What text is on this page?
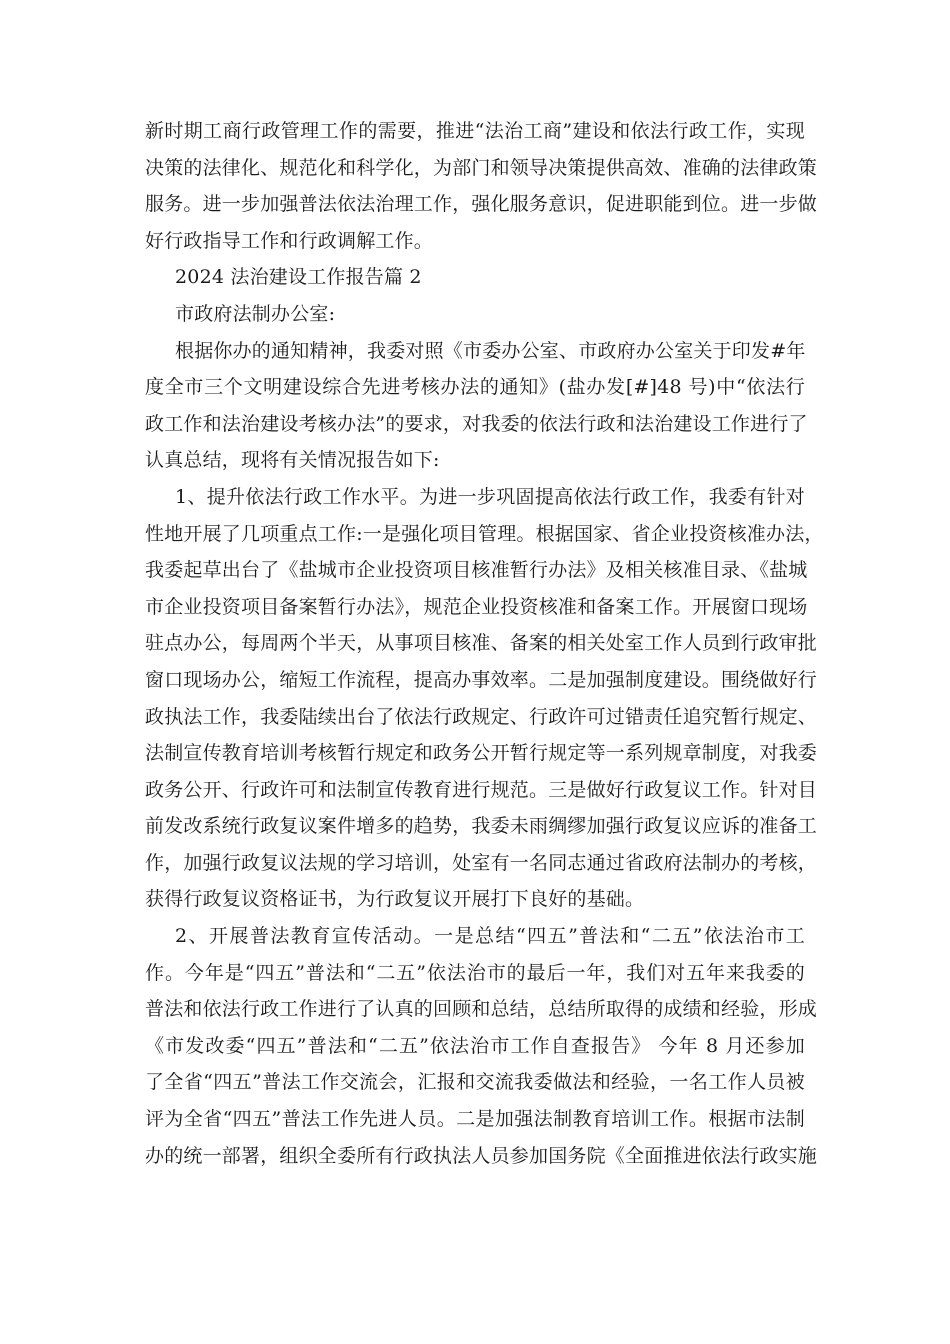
新时期工商行政管理工作的需要，推进“法治工商”建设和依法行政工作，实现
决策的法律化、规范化和科学化，为部门和领导决策提供高效、准确的法律政策
服务。进一步加强普法依法治理工作，强化服务意识，促进职能到位。进一步做
好行政指导工作和行政调解工作。
2024 法治建设工作报告篇 2
市政府法制办公室:
根据你办的通知精神，我委对照《市委办公室、市政府办公室关于印发#年
度全市三个文明建设综合先进考核办法的通知》(盐办发[#]48 号)中“依法行
政工作和法治建设考核办法”的要求，对我委的依法行政和法治建设工作进行了
认真总结，现将有关情况报告如下:
1、提升依法行政工作水平。为进一步巩固提高依法行政工作，我委有针对
性地开展了几项重点工作:一是强化项目管理。根据国家、省企业投资核准办法，
我委起草出台了《盐城市企业投资项目核准暂行办法》及相关核准目录、《盐城
市企业投资项目备案暂行办法》，规范企业投资核准和备案工作。开展窗口现场
驻点办公，每周两个半天，从事项目核准、备案的相关处室工作人员到行政审批
窗口现场办公，缩短工作流程，提高办事效率。二是加强制度建设。围绕做好行
政执法工作，我委陆续出台了依法行政规定、行政许可过错责任追究暂行规定、
法制宣传教育培训考核暂行规定和政务公开暂行规定等一系列规章制度，对我委
政务公开、行政许可和法制宣传教育进行规范。三是做好行政复议工作。针对目
前发改系统行政复议案件增多的趋势，我委未雨绸缪加强行政复议应诉的准备工
作，加强行政复议法规的学习培训，处室有一名同志通过省政府法制办的考核，
获得行政复议资格证书，为行政复议开展打下良好的基础。
2、开展普法教育宣传活动。一是总结“四五”普法和“二五”依法治市工
作。今年是“四五”普法和“二五”依法治市的最后一年，我们对五年来我委的
普法和依法行政工作进行了认真的回顾和总结，总结所取得的成绩和经验，形成
《市发改委“四五”普法和“二五”依法治市工作自查报告》 今年 8 月还参加
了全省“四五”普法工作交流会，汇报和交流我委做法和经验，一名工作人员被
评为全省“四五”普法工作先进人员。二是加强法制教育培训工作。根据市法制
办的统一部署，组织全委所有行政执法人员参加国务院《全面推进依法行政实施
